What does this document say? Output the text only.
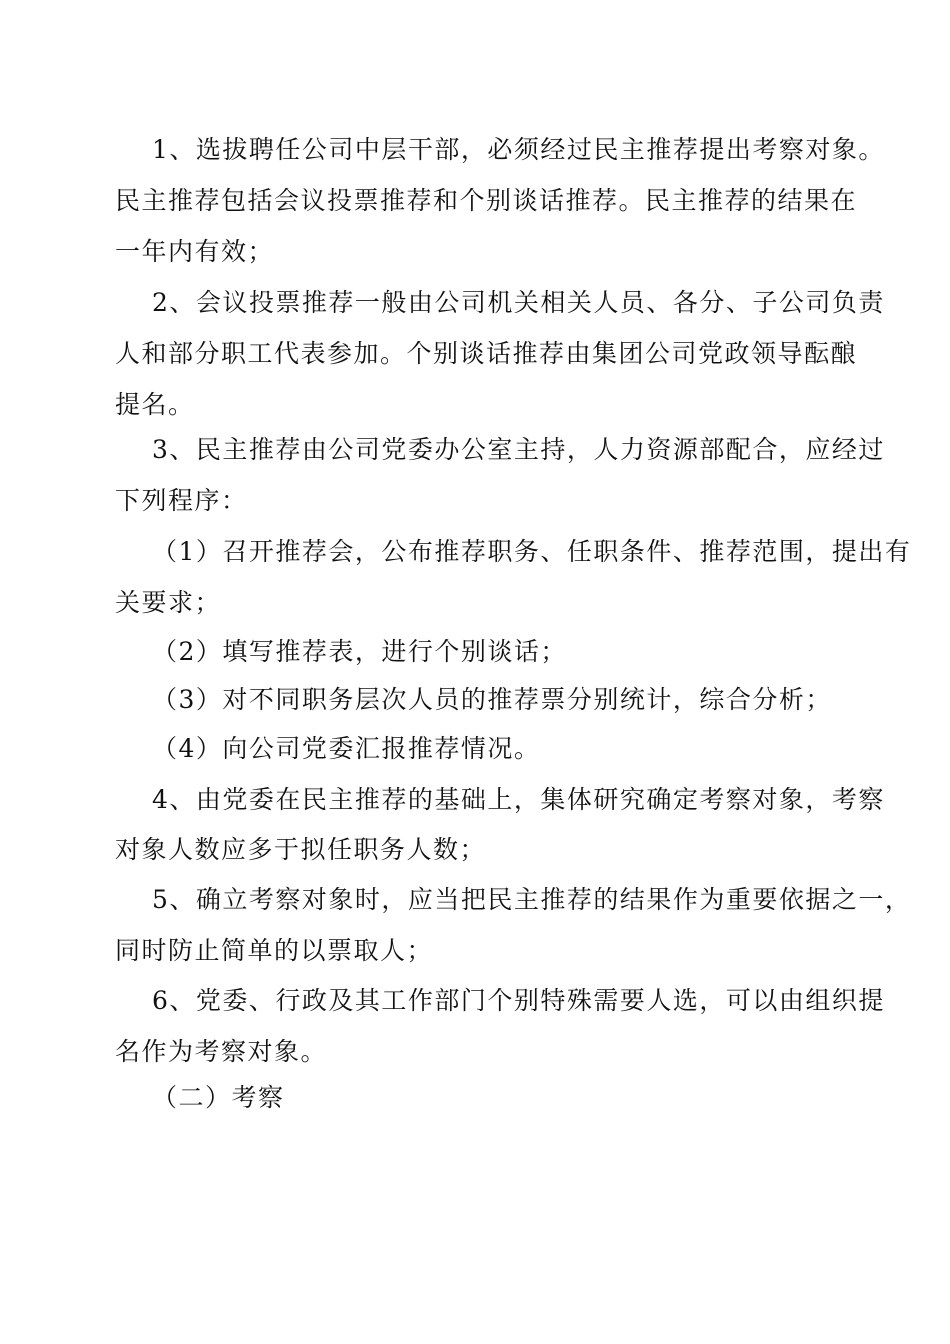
1、选拔聘任公司中层干部，必须经过民主推荐提出考察对象。

民主推荐包括会议投票推荐和个别谈话推荐。民主推荐的结果在

一年内有效；

2、会议投票推荐一般由公司机关相关人员、各分、子公司负责

人和部分职工代表参加。个别谈话推荐由集团公司党政领导酝酿

提名。

3、民主推荐由公司党委办公室主持，人力资源部配合，应经过

下列程序：

（1）召开推荐会，公布推荐职务、任职条件、推荐范围，提出有

关要求；

（2）填写推荐表，进行个别谈话；

（3）对不同职务层次人员的推荐票分别统计，综合分析；

（4）向公司党委汇报推荐情况。

4、由党委在民主推荐的基础上，集体研究确定考察对象，考察

对象人数应多于拟任职务人数；

5、确立考察对象时，应当把民主推荐的结果作为重要依据之一，

同时防止简单的以票取人；

6、党委、行政及其工作部门个别特殊需要人选，可以由组织提

名作为考察对象。

（二）考察
